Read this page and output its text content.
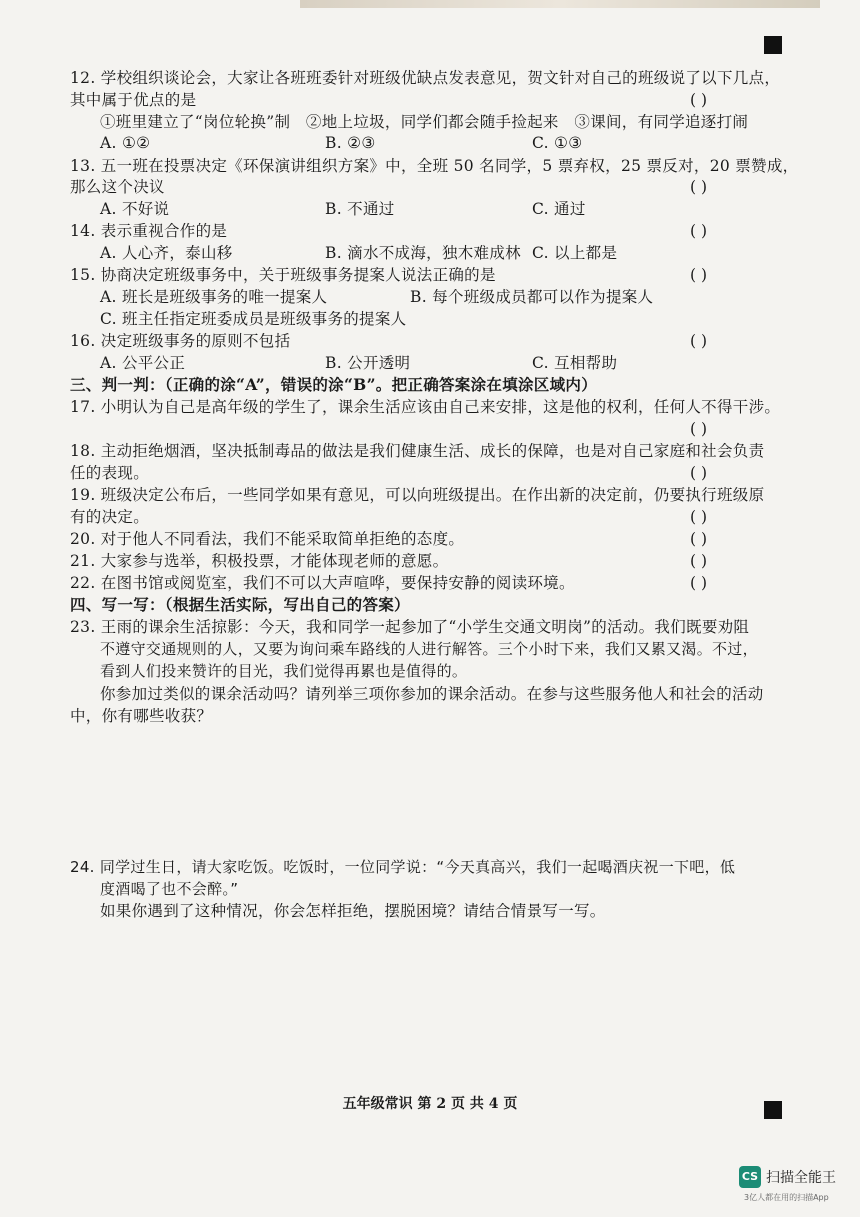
12. 学校组织谈论会，大家让各班班委针对班级优缺点发表意见，贺文针对自己的班级说了以下几点，
其中属于优点的是	( )
①班里建立了“岗位轮换”制   ②地上垃圾，同学们都会随手捡起来   ③课间，有同学追逐打闹
A. ①②	B. ②③	C. ①③
13. 五一班在投票决定《环保演讲组织方案》中，全班 50 名同学，5 票弃权，25 票反对，20 票赞成，
那么这个决议	( )
A. 不好说	B. 不通过	C. 通过
14. 表示重视合作的是	( )
A. 人心齐，泰山移	B. 滴水不成海，独木难成林 C. 以上都是
15. 协商决定班级事务中，关于班级事务提案人说法正确的是	( )
A. 班长是班级事务的唯一提案人	B. 每个班级成员都可以作为提案人
C. 班主任指定班委成员是班级事务的提案人
16. 决定班级事务的原则不包括	( )
A. 公平公正	B. 公开透明	C. 互相帮助
三、判一判：（正确的涂“A”，错误的涂“B”。把正确答案涂在填涂区域内）
17. 小明认为自己是高年级的学生了，课余生活应该由自己来安排，这是他的权利，任何人不得干涉。
( )
18. 主动拒绝烟酒，坚决抵制毒品的做法是我们健康生活、成长的保障，也是对自己家庭和社会负责
任的表现。	( )
19. 班级决定公布后，一些同学如果有意见，可以向班级提出。在作出新的决定前，仍要执行班级原
有的决定。	( )
20. 对于他人不同看法，我们不能采取简单拒绝的态度。	( )
21. 大家参与选举，积极投票，才能体现老师的意愿。	( )
22. 在图书馆或阅览室，我们不可以大声喧哗，要保持安静的阅读环境。	( )
四、写一写：（根据生活实际，写出自己的答案）
23. 王雨的课余生活掠影：今天，我和同学一起参加了“小学生交通文明岗”的活动。我们既要劝阻
不遵守交通规则的人，又要为询问乘车路线的人进行解答。三个小时下来，我们又累又渴。不过，
看到人们投来赞许的目光，我们觉得再累也是值得的。
你参加过类似的课余活动吗？请列举三项你参加的课余活动。在参与这些服务他人和社会的活动
中，你有哪些收获？
24. 同学过生日，请大家吃饭。吃饭时，一位同学说：“今天真高兴，我们一起喝酒庆祝一下吧，低
度酒喝了也不会醉。”
如果你遇到了这种情况，你会怎样拒绝，摆脱困境？请结合情景写一写。
五年级常识 第 2 页 共 4 页
CS 扫描全能王
3亿人都在用的扫描App
